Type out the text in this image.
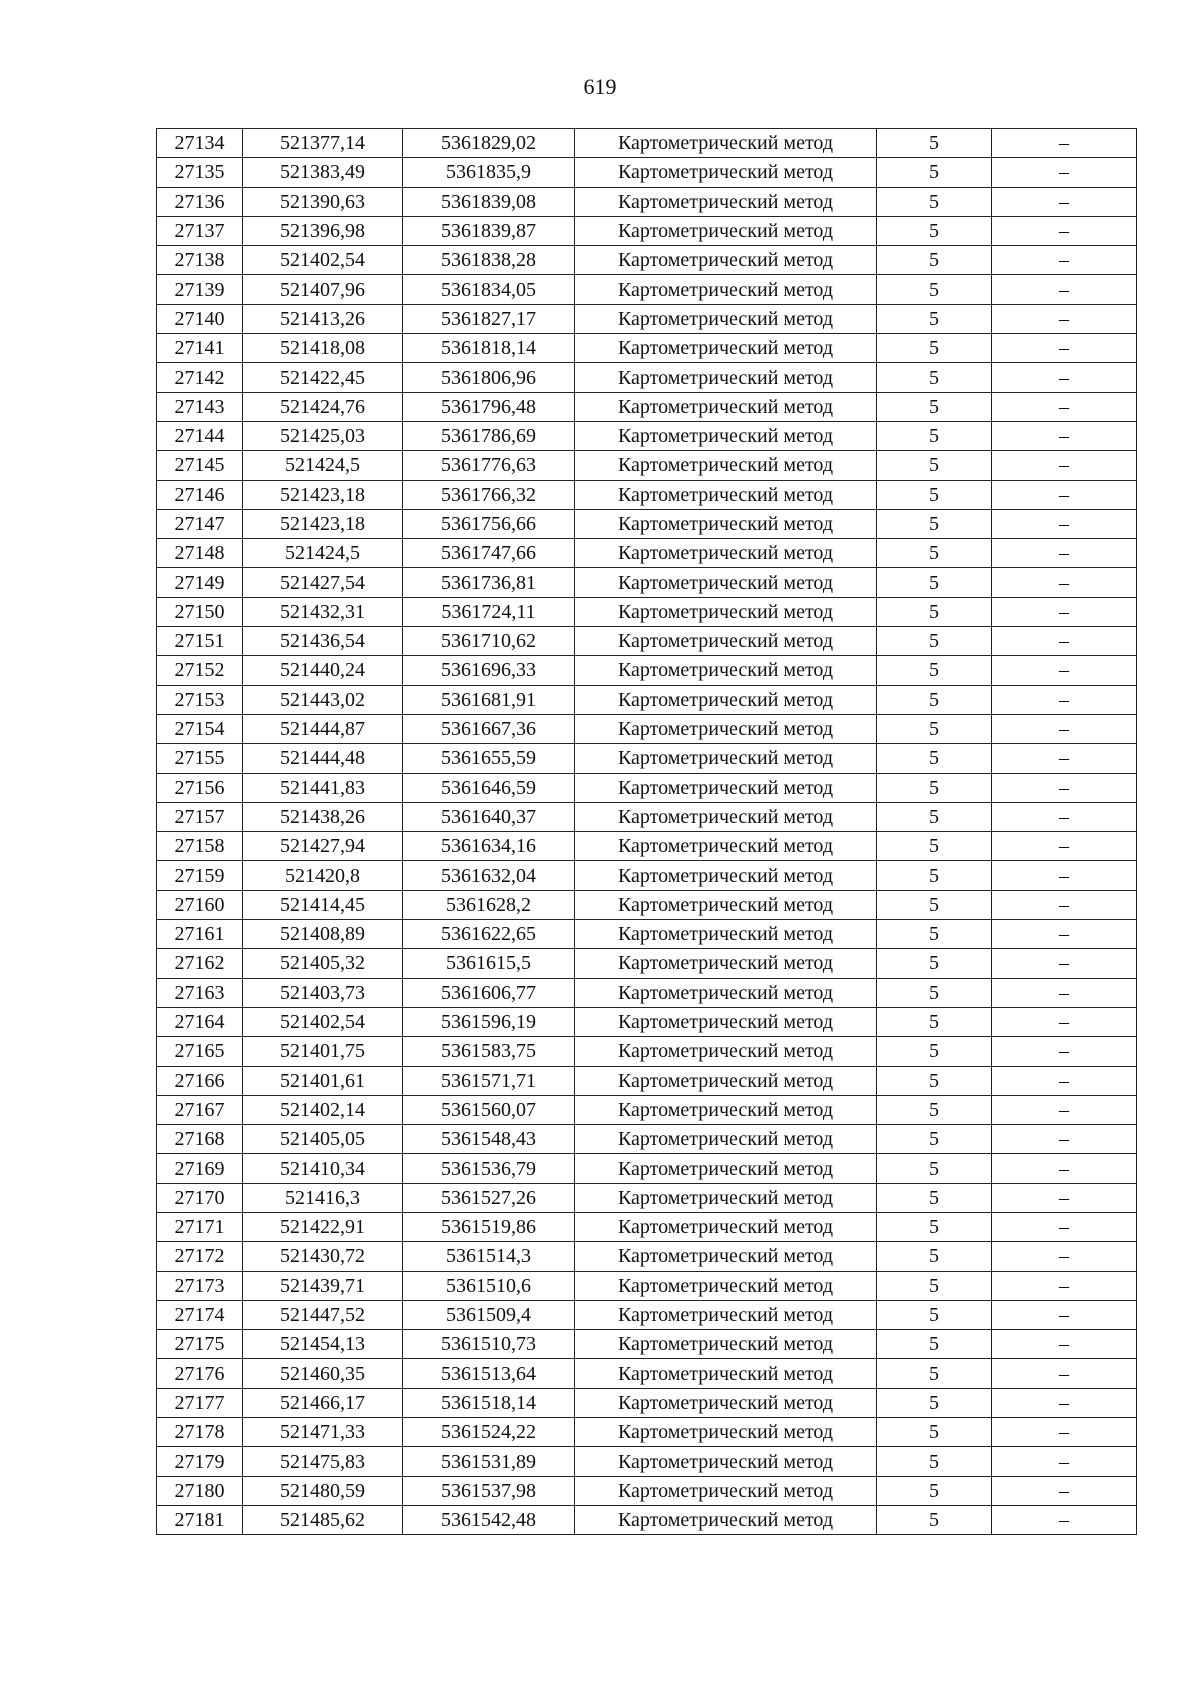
619
27134	521377,14	5361829,02	Картометрический метод	5	–
27135	521383,49	5361835,9	Картометрический метод	5	–
27136	521390,63	5361839,08	Картометрический метод	5	–
27137	521396,98	5361839,87	Картометрический метод	5	–
27138	521402,54	5361838,28	Картометрический метод	5	–
27139	521407,96	5361834,05	Картометрический метод	5	–
27140	521413,26	5361827,17	Картометрический метод	5	–
27141	521418,08	5361818,14	Картометрический метод	5	–
27142	521422,45	5361806,96	Картометрический метод	5	–
27143	521424,76	5361796,48	Картометрический метод	5	–
27144	521425,03	5361786,69	Картометрический метод	5	–
27145	521424,5	5361776,63	Картометрический метод	5	–
27146	521423,18	5361766,32	Картометрический метод	5	–
27147	521423,18	5361756,66	Картометрический метод	5	–
27148	521424,5	5361747,66	Картометрический метод	5	–
27149	521427,54	5361736,81	Картометрический метод	5	–
27150	521432,31	5361724,11	Картометрический метод	5	–
27151	521436,54	5361710,62	Картометрический метод	5	–
27152	521440,24	5361696,33	Картометрический метод	5	–
27153	521443,02	5361681,91	Картометрический метод	5	–
27154	521444,87	5361667,36	Картометрический метод	5	–
27155	521444,48	5361655,59	Картометрический метод	5	–
27156	521441,83	5361646,59	Картометрический метод	5	–
27157	521438,26	5361640,37	Картометрический метод	5	–
27158	521427,94	5361634,16	Картометрический метод	5	–
27159	521420,8	5361632,04	Картометрический метод	5	–
27160	521414,45	5361628,2	Картометрический метод	5	–
27161	521408,89	5361622,65	Картометрический метод	5	–
27162	521405,32	5361615,5	Картометрический метод	5	–
27163	521403,73	5361606,77	Картометрический метод	5	–
27164	521402,54	5361596,19	Картометрический метод	5	–
27165	521401,75	5361583,75	Картометрический метод	5	–
27166	521401,61	5361571,71	Картометрический метод	5	–
27167	521402,14	5361560,07	Картометрический метод	5	–
27168	521405,05	5361548,43	Картометрический метод	5	–
27169	521410,34	5361536,79	Картометрический метод	5	–
27170	521416,3	5361527,26	Картометрический метод	5	–
27171	521422,91	5361519,86	Картометрический метод	5	–
27172	521430,72	5361514,3	Картометрический метод	5	–
27173	521439,71	5361510,6	Картометрический метод	5	–
27174	521447,52	5361509,4	Картометрический метод	5	–
27175	521454,13	5361510,73	Картометрический метод	5	–
27176	521460,35	5361513,64	Картометрический метод	5	–
27177	521466,17	5361518,14	Картометрический метод	5	–
27178	521471,33	5361524,22	Картометрический метод	5	–
27179	521475,83	5361531,89	Картометрический метод	5	–
27180	521480,59	5361537,98	Картометрический метод	5	–
27181	521485,62	5361542,48	Картометрический метод	5	–
